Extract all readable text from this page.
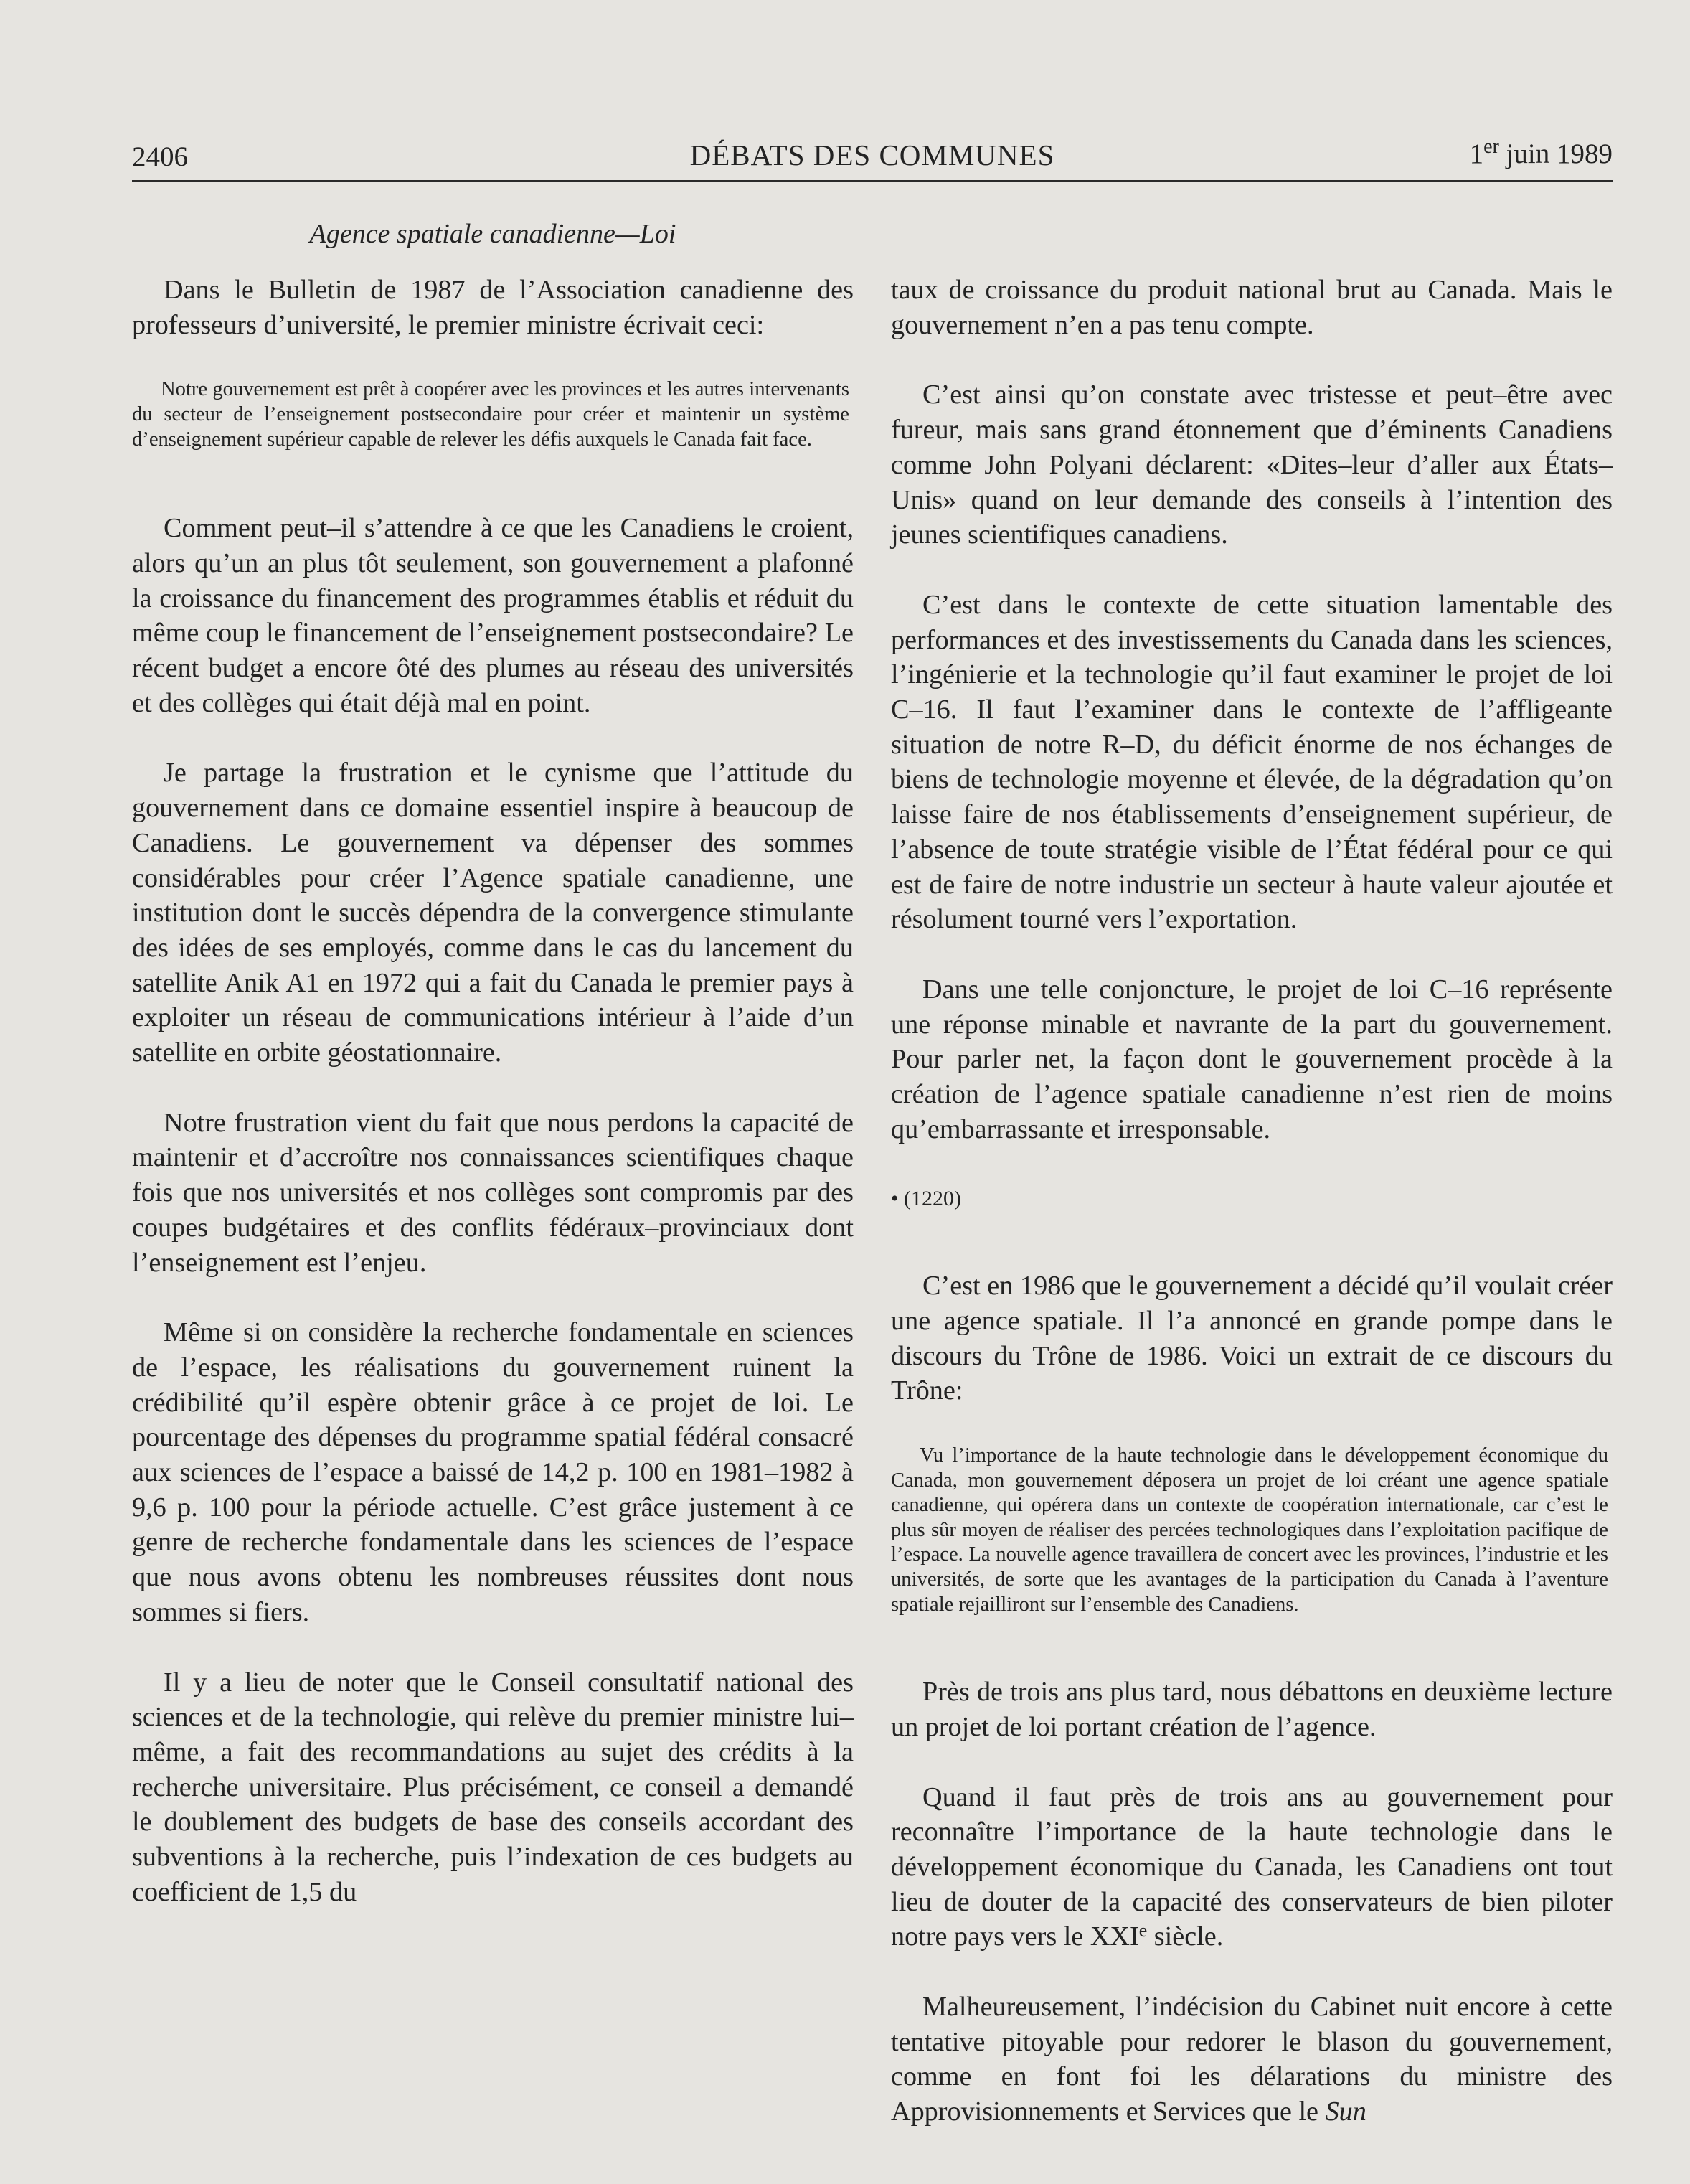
2406	DÉBATS DES COMMUNES	1er juin 1989
Agence spatiale canadienne—Loi

Dans le Bulletin de 1987 de l’Association canadienne des professeurs d’université, le premier ministre écrivait ceci:

Notre gouvernement est prêt à coopérer avec les provinces et les autres intervenants du secteur de l’enseignement postsecondaire pour créer et maintenir un système d’enseignement supérieur capable de relever les défis auxquels le Canada fait face.

Comment peut–il s’attendre à ce que les Canadiens le croient, alors qu’un an plus tôt seulement, son gouvernement a plafonné la croissance du financement des programmes établis et réduit du même coup le financement de l’enseignement postsecondaire? Le récent budget a encore ôté des plumes au réseau des universités et des collèges qui était déjà mal en point.

Je partage la frustration et le cynisme que l’attitude du gouvernement dans ce domaine essentiel inspire à beaucoup de Canadiens. Le gouvernement va dépenser des sommes considérables pour créer l’Agence spatiale canadienne, une institution dont le succès dépendra de la convergence stimulante des idées de ses employés, comme dans le cas du lancement du satellite Anik A1 en 1972 qui a fait du Canada le premier pays à exploiter un réseau de communications intérieur à l’aide d’un satellite en orbite géostationnaire.

Notre frustration vient du fait que nous perdons la capacité de maintenir et d’accroître nos connaissances scientifiques chaque fois que nos universités et nos collèges sont compromis par des coupes budgétaires et des conflits fédéraux–provinciaux dont l’enseignement est l’enjeu.

Même si on considère la recherche fondamentale en sciences de l’espace, les réalisations du gouvernement ruinent la crédibilité qu’il espère obtenir grâce à ce projet de loi. Le pourcentage des dépenses du programme spatial fédéral consacré aux sciences de l’espace a baissé de 14,2 p. 100 en 1981–1982 à 9,6 p. 100 pour la période actuelle. C’est grâce justement à ce genre de recherche fondamentale dans les sciences de l’espace que nous avons obtenu les nombreuses réussites dont nous sommes si fiers.

Il y a lieu de noter que le Conseil consultatif national des sciences et de la technologie, qui relève du premier ministre lui–même, a fait des recommandations au sujet des crédits à la recherche universitaire. Plus précisément, ce conseil a demandé le doublement des budgets de base des conseils accordant des subventions à la recherche, puis l’indexation de ces budgets au coefficient de 1,5 du

taux de croissance du produit national brut au Canada. Mais le gouvernement n’en a pas tenu compte.

C’est ainsi qu’on constate avec tristesse et peut–être avec fureur, mais sans grand étonnement que d’éminents Canadiens comme John Polyani déclarent: «Dites–leur d’aller aux États–Unis» quand on leur demande des conseils à l’intention des jeunes scientifiques canadiens.

C’est dans le contexte de cette situation lamentable des performances et des investissements du Canada dans les sciences, l’ingénierie et la technologie qu’il faut examiner le projet de loi C–16. Il faut l’examiner dans le contexte de l’affligeante situation de notre R–D, du déficit énorme de nos échanges de biens de technologie moyenne et élevée, de la dégradation qu’on laisse faire de nos établissements d’enseignement supérieur, de l’absence de toute stratégie visible de l’État fédéral pour ce qui est de faire de notre industrie un secteur à haute valeur ajoutée et résolument tourné vers l’exportation.

Dans une telle conjoncture, le projet de loi C–16 représente une réponse minable et navrante de la part du gouvernement. Pour parler net, la façon dont le gouvernement procède à la création de l’agence spatiale canadienne n’est rien de moins qu’embarrassante et irresponsable.

• (1220)

C’est en 1986 que le gouvernement a décidé qu’il voulait créer une agence spatiale. Il l’a annoncé en grande pompe dans le discours du Trône de 1986. Voici un extrait de ce discours du Trône:

Vu l’importance de la haute technologie dans le développement économique du Canada, mon gouvernement déposera un projet de loi créant une agence spatiale canadienne, qui opérera dans un contexte de coopération internationale, car c’est le plus sûr moyen de réaliser des percées technologiques dans l’exploitation pacifique de l’espace. La nouvelle agence travaillera de concert avec les provinces, l’industrie et les universités, de sorte que les avantages de la participation du Canada à l’aventure spatiale rejailliront sur l’ensemble des Canadiens.

Près de trois ans plus tard, nous débattons en deuxième lecture un projet de loi portant création de l’agence.

Quand il faut près de trois ans au gouvernement pour reconnaître l’importance de la haute technologie dans le développement économique du Canada, les Canadiens ont tout lieu de douter de la capacité des conservateurs de bien piloter notre pays vers le XXIe siècle.

Malheureusement, l’indécision du Cabinet nuit encore à cette tentative pitoyable pour redorer le blason du gouvernement, comme en font foi les délarations du ministre des Approvisionnements et Services que le Sun
